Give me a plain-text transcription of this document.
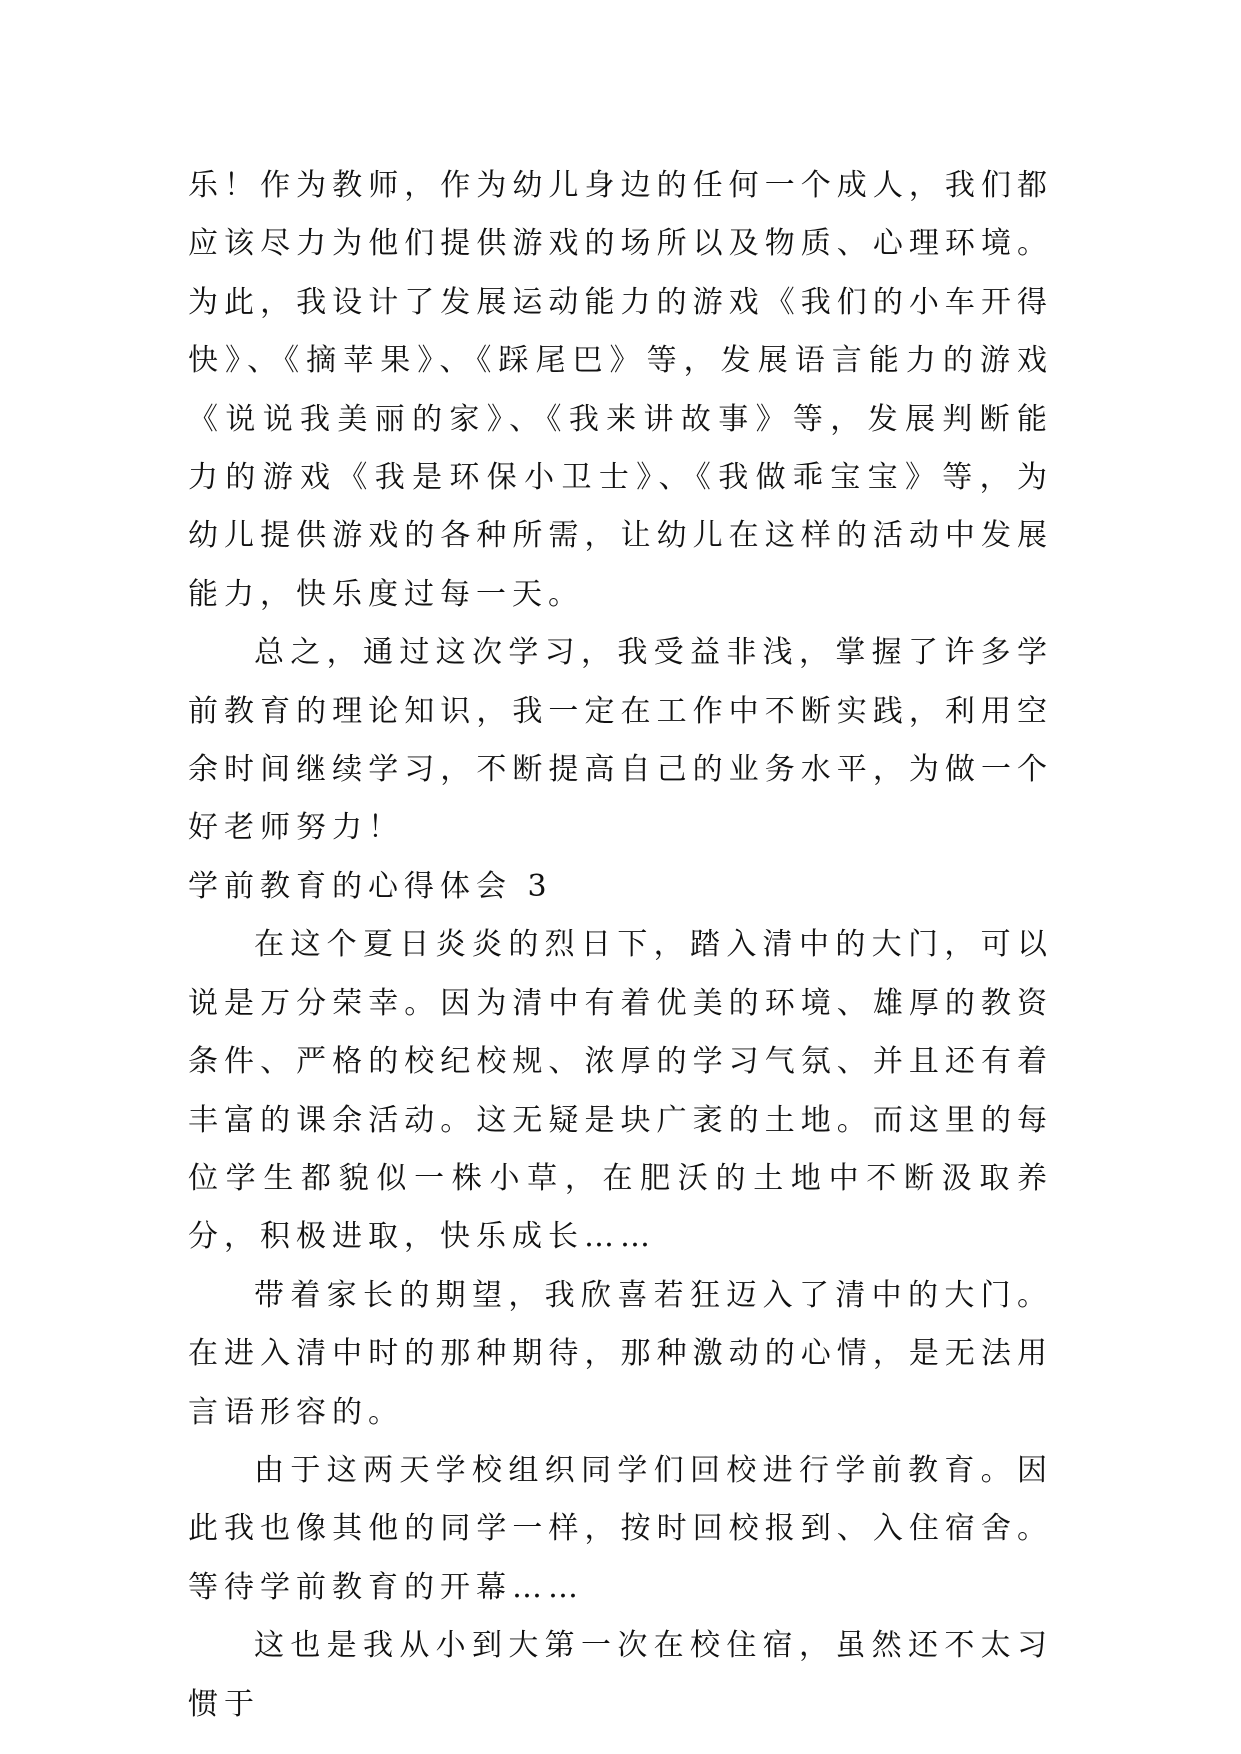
乐！作为教师，作为幼儿身边的任何一个成人，我们都应该尽力为他们提供游戏的场所以及物质、心理环境。为此，我设计了发展运动能力的游戏《我们的小车开得快》、《摘苹果》、《踩尾巴》等，发展语言能力的游戏《说说我美丽的家》、《我来讲故事》等，发展判断能力的游戏《我是环保小卫士》、《我做乖宝宝》等，为幼儿提供游戏的各种所需，让幼儿在这样的活动中发展能力，快乐度过每一天。

总之，通过这次学习，我受益非浅，掌握了许多学前教育的理论知识，我一定在工作中不断实践，利用空余时间继续学习，不断提高自己的业务水平，为做一个好老师努力！

学前教育的心得体会 3

在这个夏日炎炎的烈日下，踏入清中的大门，可以说是万分荣幸。因为清中有着优美的环境、雄厚的教资条件、严格的校纪校规、浓厚的学习气氛、并且还有着丰富的课余活动。这无疑是块广袤的土地。而这里的每位学生都貌似一株小草，在肥沃的土地中不断汲取养分，积极进取，快乐成长……

带着家长的期望，我欣喜若狂迈入了清中的大门。在进入清中时的那种期待，那种激动的心情，是无法用言语形容的。

由于这两天学校组织同学们回校进行学前教育。因此我也像其他的同学一样，按时回校报到、入住宿舍。等待学前教育的开幕……

这也是我从小到大第一次在校住宿，虽然还不太习惯于
